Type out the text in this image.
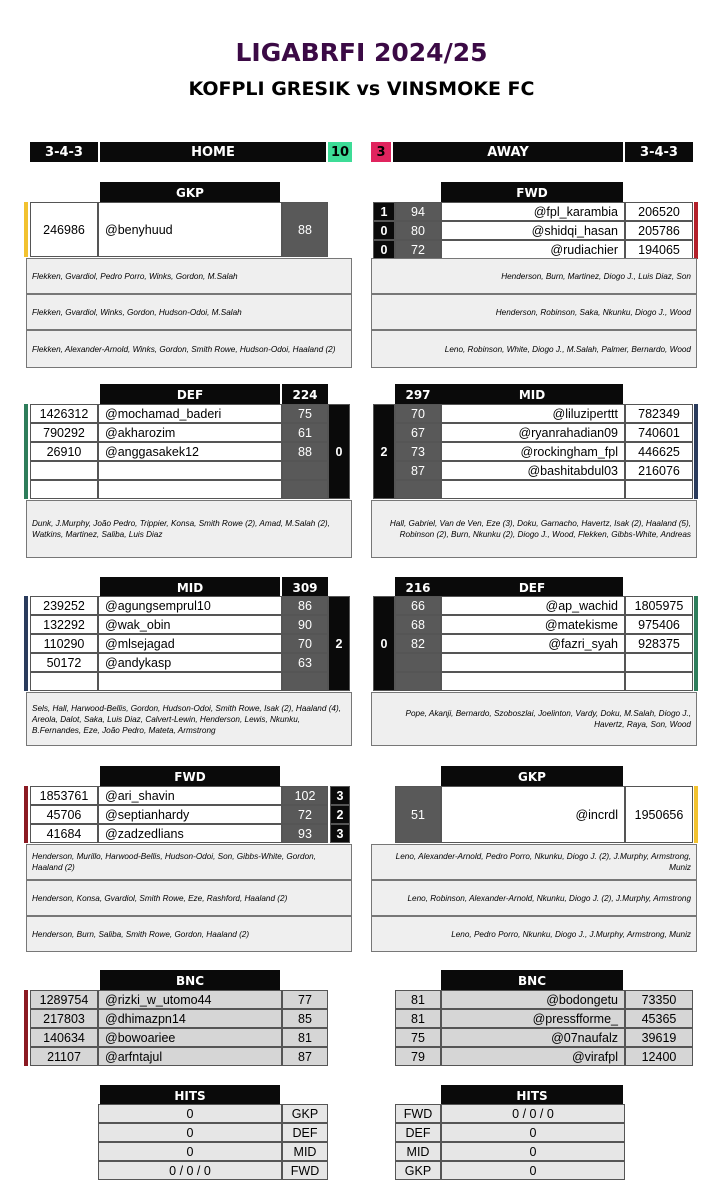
LIGABRFI 2024/25
KOFPLI GRESIK vs VINSMOKE FC
3-4-3	HOME	10	3	AWAY	3-4-3
GKP
246986	@benyhuud	88
Flekken, Gvardiol, Pedro Porro, Winks, Gordon, M.Salah
Flekken, Gvardiol, Winks, Gordon, Hudson-Odoi, M.Salah
Flekken, Alexander-Arnold, Winks, Gordon, Smith Rowe, Hudson-Odoi, Haaland (2)
FWD
1	94	@fpl_karambia	206520
0	80	@shidqi_hasan	205786
0	72	@rudiachier	194065
Henderson, Burn, Martinez, Diogo J., Luis Diaz, Son
Henderson, Robinson, Saka, Nkunku, Diogo J., Wood
Leno, Robinson, White, Diogo J., M.Salah, Palmer, Bernardo, Wood
DEF	224
1426312	@mochamad_baderi	75
790292	@akharozim	61
26910	@anggasakek12	88	0
Dunk, J.Murphy, João Pedro, Trippier, Konsa, Smith Rowe (2), Amad, M.Salah (2), Watkins, Martinez, Saliba, Luis Diaz
297	MID
2
70	@liluziperttt	782349
67	@ryanrahadian09	740601
73	@rockingham_fpl	446625
87	@bashitabdul03	216076
Hall, Gabriel, Van de Ven, Eze (3), Doku, Garnacho, Havertz, Isak (2), Haaland (5), Robinson (2), Burn, Nkunku (2), Diogo J., Wood, Flekken, Gibbs-White, Andreas
MID	309
239252	@agungsemprul10	86
132292	@wak_obin	90
110290	@mlsejagad	70
50172	@andykasp	63
2
Sels, Hall, Harwood-Bellis, Gordon, Hudson-Odoi, Smith Rowe, Isak (2), Haaland (4), Areola, Dalot, Saka, Luis Diaz, Calvert-Lewin, Henderson, Lewis, Nkunku, B.Fernandes, Eze, João Pedro, Mateta, Armstrong
216	DEF
0
66	@ap_wachid	1805975
68	@matekisme	975406
82	@fazri_syah	928375
Pope, Akanji, Bernardo, Szoboszlai, Joelinton, Vardy, Doku, M.Salah, Diogo J., Havertz, Raya, Son, Wood
FWD
1853761	@ari_shavin	102	3
45706	@septianhardy	72	2
41684	@zadzedlians	93	3
Henderson, Murillo, Harwood-Bellis, Hudson-Odoi, Son, Gibbs-White, Gordon, Haaland (2)
Henderson, Konsa, Gvardiol, Smith Rowe, Eze, Rashford, Haaland (2)
Henderson, Burn, Saliba, Smith Rowe, Gordon, Haaland (2)
GKP
51	@incrdl	1950656
Leno, Alexander-Arnold, Pedro Porro, Nkunku, Diogo J. (2), J.Murphy, Armstrong, Muniz
Leno, Robinson, Alexander-Arnold, Nkunku, Diogo J. (2), J.Murphy, Armstrong
Leno, Pedro Porro, Nkunku, Diogo J., J.Murphy, Armstrong, Muniz
BNC
1289754	@rizki_w_utomo44	77
217803	@dhimazpn14	85
140634	@bowoariee	81
21107	@arfntajul	87
BNC
81	@bodongetu	73350
81	@pressfforme_	45365
75	@07naufalz	39619
79	@virafpl	12400
HITS
0	GKP
0	DEF
0	MID
0 / 0 / 0	FWD
HITS
FWD	0 / 0 / 0
DEF	0
MID	0
GKP	0
